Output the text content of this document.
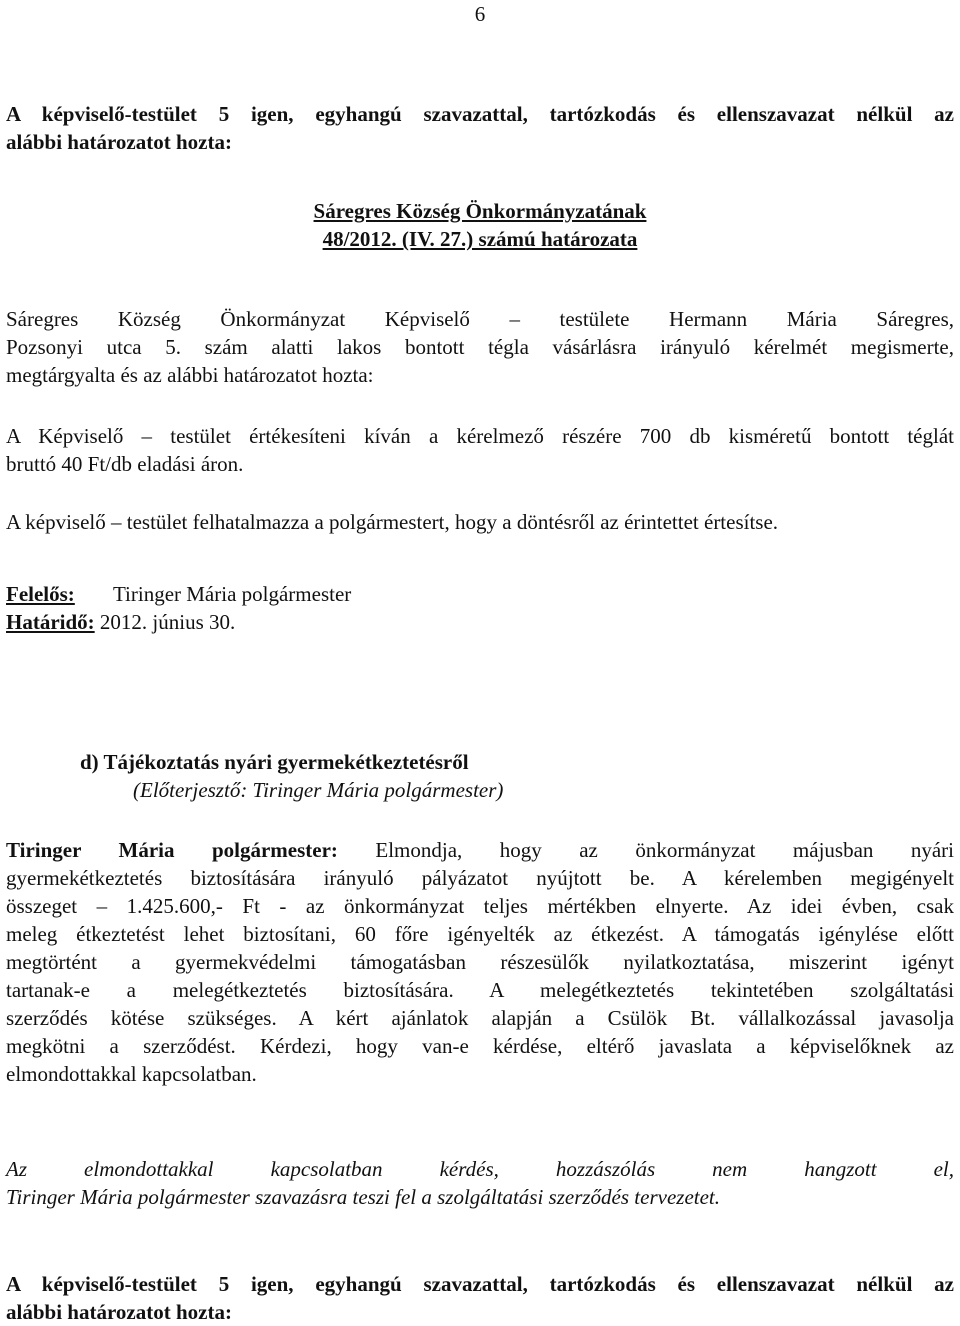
6
A képviselő-testület 5 igen, egyhangú szavazattal, tartózkodás és ellenszavazat nélkül az
alábbi határozatot hozta:
Sáregres Község Önkormányzatának
48/2012. (IV. 27.) számú határozata
Sáregres Község Önkormányzat Képviselő – testülete Hermann Mária Sáregres,
Pozsonyi utca 5. szám alatti lakos bontott tégla vásárlásra irányuló kérelmét megismerte,
megtárgyalta és az alábbi határozatot hozta:
A Képviselő – testület értékesíteni kíván a kérelmező részére 700 db kisméretű bontott téglát
bruttó 40 Ft/db eladási áron.
A képviselő – testület felhatalmazza a polgármestert, hogy a döntésről az érintettet értesítse.
Felelős: Tiringer Mária polgármester
Határidő: 2012. június 30.
d) Tájékoztatás nyári gyermekétkeztetésről
(Előterjesztő: Tiringer Mária polgármester)
Tiringer Mária polgármester: Elmondja, hogy az önkormányzat májusban nyári
gyermekétkeztetés biztosítására irányuló pályázatot nyújtott be. A kérelemben megigényelt
összeget – 1.425.600,- Ft - az önkormányzat teljes mértékben elnyerte. Az idei évben, csak
meleg étkeztetést lehet biztosítani, 60 főre igényelték az étkezést. A támogatás igénylése előtt
megtörtént a gyermekvédelmi támogatásban részesülők nyilatkoztatása, miszerint igényt
tartanak-e a melegétkeztetés biztosítására. A melegétkeztetés tekintetében szolgáltatási
szerződés kötése szükséges. A kért ajánlatok alapján a Csülök Bt. vállalkozással javasolja
megkötni a szerződést. Kérdezi, hogy van-e kérdése, eltérő javaslata a képviselőknek az
elmondottakkal kapcsolatban.
Az elmondottakkal kapcsolatban kérdés, hozzászólás nem hangzott el,
Tiringer Mária polgármester szavazásra teszi fel a szolgáltatási szerződés tervezetet.
A képviselő-testület 5 igen, egyhangú szavazattal, tartózkodás és ellenszavazat nélkül az
alábbi határozatot hozta:
